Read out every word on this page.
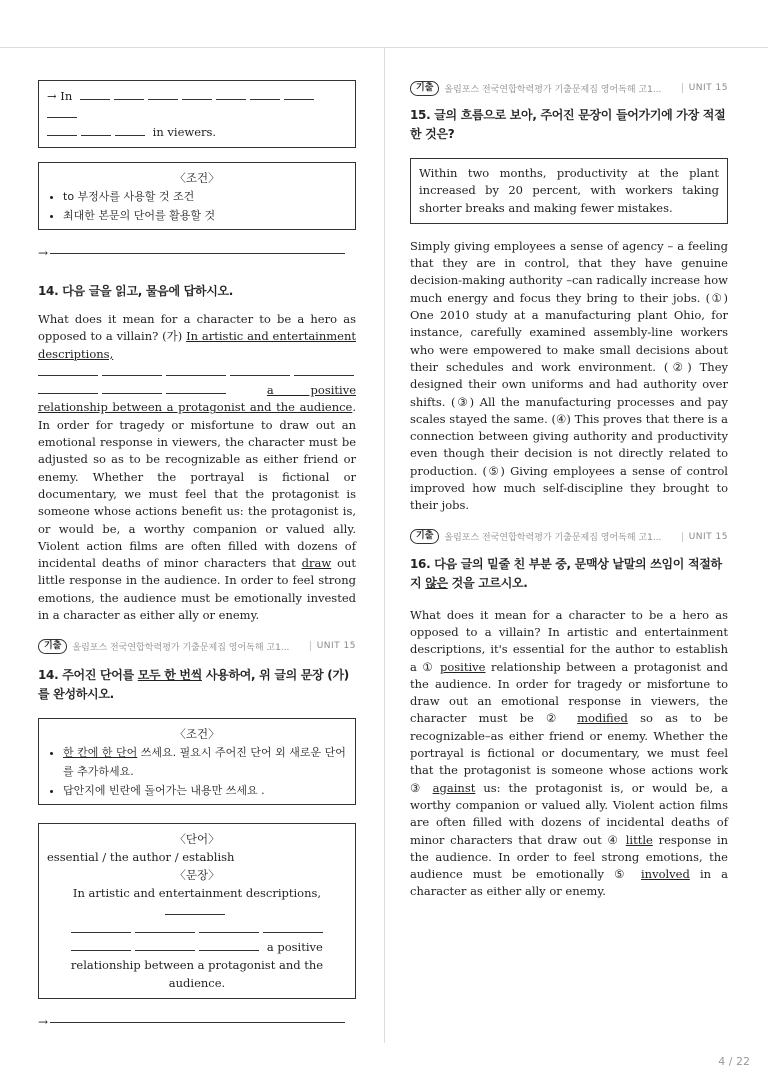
→ In
in viewers.
〈조건〉
• to 부정사를 사용할 것 조건
• 최대한 본문의 단어를 활용할 것
→
14. 다음 글을 읽고, 물음에 답하시오.
What does it mean for a character to be a hero as opposed to a villain? (가) In artistic and entertainment descriptions,

a positive relationship between a protagonist and the audience. In order for tragedy or misfortune to draw out an emotional response in viewers, the character must be adjusted so as to be recognizable as either friend or enemy. Whether the portrayal is fictional or documentary, we must feel that the protagonist is someone whose actions benefit us: the protagonist is, or would be, a worthy companion or valued ally. Violent action films are often filled with dozens of incidental deaths of minor characters that draw out little response in the audience. In order to feel strong emotions, the audience must be emotionally invested in a character as either ally or enemy.
기출	올림포스 전국연합학력평가 기출문제집 영어독해 고1...	UNIT 15
14. 주어진 단어를 모두 한 번씩 사용하여, 위 글의 문장 (가)를 완성하시오.
〈조건〉
• 한 칸에 한 단어 쓰세요. 필요시 주어진 단어 외 새로운 단어를 추가하세요.
• 답안지에 빈란에 돌어가는 내용만 쓰세요 .
〈단어〉
essential / the author / establish
〈문장〉
In artistic and entertainment descriptions,
a positive
relationship between a protagonist and the audience.
→
기출	올림포스 전국연합학력평가 기출문제집 영어독해 고1...	UNIT 15
15. 글의 흐름으로 보아, 주어진 문장이 들어가기에 가장 적절한 것은?
Within two months, productivity at the plant increased by 20 percent, with workers taking shorter breaks and making fewer mistakes.
Simply giving employees a sense of agency – a feeling that they are in control, that they have genuine decision-making authority –can radically increase how much energy and focus they bring to their jobs. (①) One 2010 study at a manufacturing plant Ohio, for instance, carefully examined assembly-line workers who were empowered to make small decisions about their schedules and work environment. (②) They designed their own uniforms and had authority over shifts. (③) All the manufacturing processes and pay scales stayed the same. (④) This proves that there is a connection between giving authority and productivity even though their decision is not directly related to production. (⑤) Giving employees a sense of control improved how much self-discipline they brought to their jobs.
기출	올림포스 전국연합학력평가 기출문제집 영어독해 고1...	UNIT 15
16. 다음 글의 밑줄 친 부분 중, 문맥상 낱말의 쓰임이 적절하지 않은 것을 고르시오.
What does it mean for a character to be a hero as opposed to a villain? In artistic and entertainment descriptions, it's essential for the author to establish a ① positive relationship between a protagonist and the audience. In order for tragedy or misfortune to draw out an emotional response in viewers, the character must be ② modified so as to be recognizable–as either friend or enemy. Whether the portrayal is fictional or documentary, we must feel that the protagonist is someone whose actions work ③ against us: the protagonist is, or would be, a worthy companion or valued ally. Violent action films are often filled with dozens of incidental deaths of minor characters that draw out ④ little response in the audience. In order to feel strong emotions, the audience must be emotionally ⑤ involved in a character as either ally or enemy.
4 / 22
